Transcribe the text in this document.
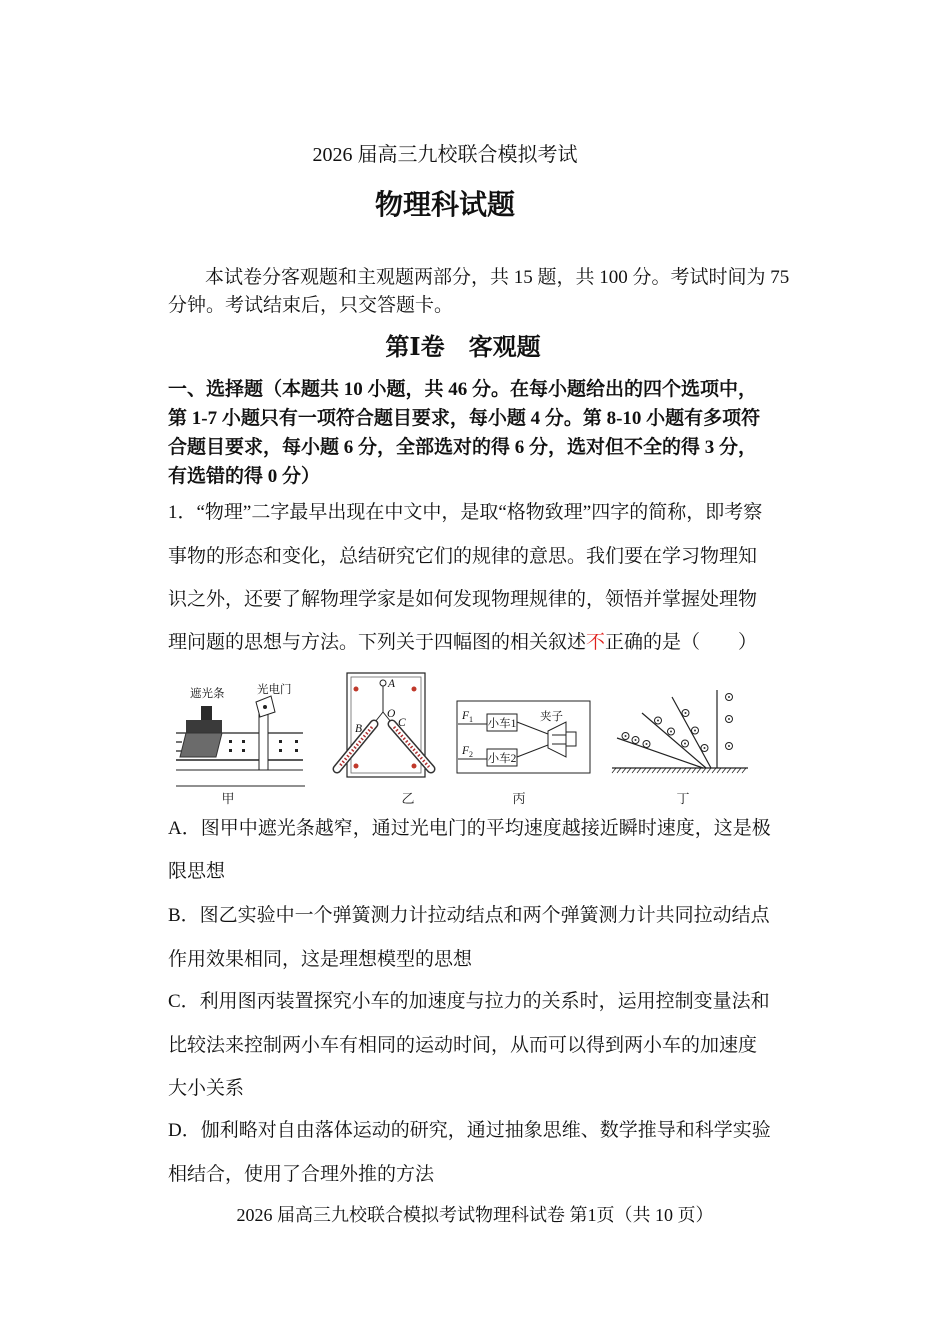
2026 届高三九校联合模拟考试
物理科试题
本试卷分客观题和主观题两部分，共 15 题，共 100 分。考试时间为 75
分钟。考试结束后，只交答题卡。
第Ⅰ卷　客观题
一、选择题（本题共 10 小题，共 46 分。在每小题给出的四个选项中，
第 1-7 小题只有一项符合题目要求，每小题 4 分。第 8-10 小题有多项符
合题目要求，每小题 6 分，全部选对的得 6 分，选对但不全的得 3 分，
有选错的得 0 分）
1．“物理”二字最早出现在中文中，是取“格物致理”四字的简称，即考察
事物的形态和变化，总结研究它们的规律的意思。我们要在学习物理知
识之外，还要了解物理学家是如何发现物理规律的，领悟并掌握处理物
理问题的思想与方法。下列关于四幅图的相关叙述不正确的是（　　）
遮光条	光电门
甲
A
O
B	C
乙
F 1 小车1
F 2 小车2
夹子
丙	丁
A．图甲中遮光条越窄，通过光电门的平均速度越接近瞬时速度，这是极
限思想
B．图乙实验中一个弹簧测力计拉动结点和两个弹簧测力计共同拉动结点
作用效果相同，这是理想模型的思想
C．利用图丙装置探究小车的加速度与拉力的关系时，运用控制变量法和
比较法来控制两小车有相同的运动时间，从而可以得到两小车的加速度
大小关系
D．伽利略对自由落体运动的研究，通过抽象思维、数学推导和科学实验
相结合，使用了合理外推的方法
2026 届高三九校联合模拟考试物理科试卷 第1页（共 10 页）
